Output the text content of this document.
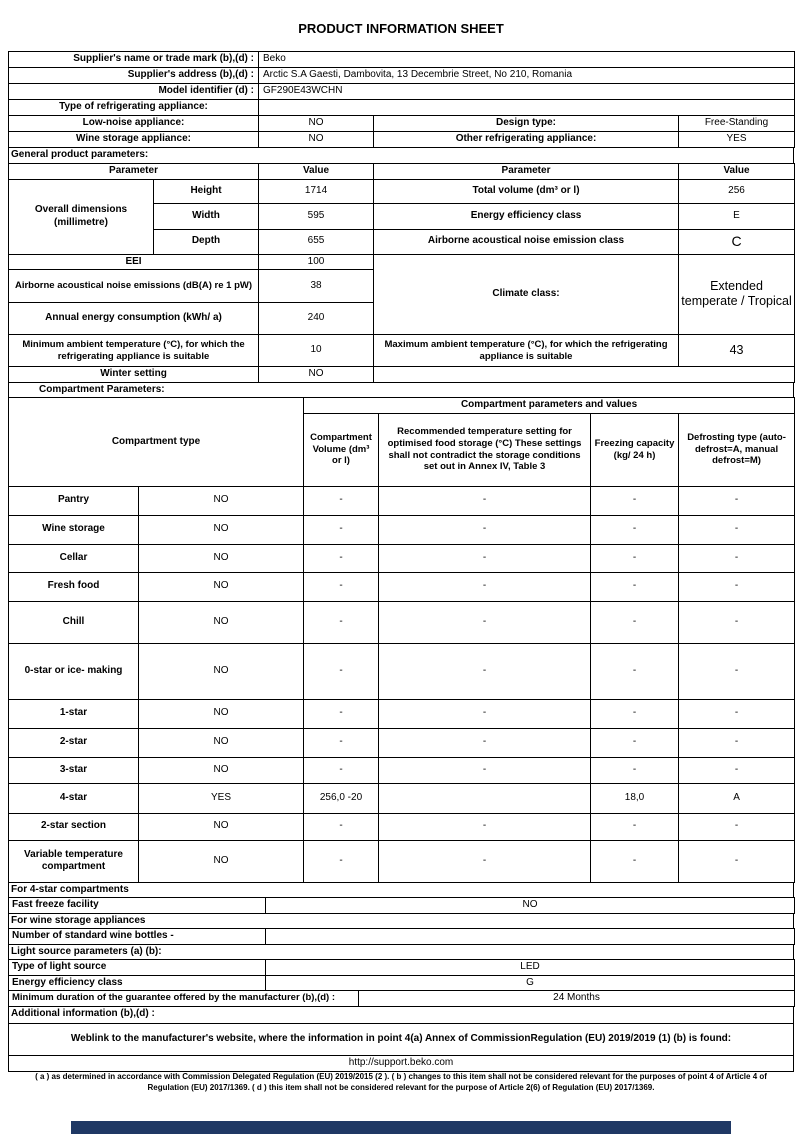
PRODUCT INFORMATION SHEET
Supplier's name or trade mark (b),(d) :	Beko
Supplier's address (b),(d) :	Arctic S.A Gaesti, Dambovita, 13 Decembrie Street, No 210, Romania
Model identifier (d) :	GF290E43WCHN
Type of refrigerating appliance:	
Low-noise appliance:	NO	Design type:	Free-Standing
Wine storage appliance:	NO	Other refrigerating appliance:	YES
General product parameters:
Parameter		Value	Parameter	Value
Overall dimensions (millimetre)	Height	1714	Total volume (dm³ or l)	256
	Width	595	Energy efficiency class	E
	Depth	655	Airborne acoustical noise emission class	C
EEI		100	Climate class:	Extended temperate / Tropical
Airborne acoustical noise emissions (dB(A) re 1 pW)		38		
Annual energy consumption (kWh/ a)		240		
Minimum ambient temperature (°C), for which the refrigerating appliance is suitable		10	Maximum ambient temperature (°C), for which the refrigerating appliance is suitable	43
Winter setting		NO		
Compartment Parameters:
Compartment type		Compartment parameters and values			
		Compartment Volume (dm³ or l)	Recommended temperature setting for optimised food storage (°C) These settings shall not contradict the storage conditions set out in Annex IV, Table 3	Freezing capacity (kg/ 24 h)	Defrosting type (auto-defrost=A, manual defrost=M)
Pantry	NO	-	-	-	-
Wine storage	NO	-	-	-	-
Cellar	NO	-	-	-	-
Fresh food	NO	-	-	-	-
Chill	NO	-	-	-	-
0-star or ice- making	NO	-	-	-	-
1-star	NO	-	-	-	-
2-star	NO	-	-	-	-
3-star	NO	-	-	-	-
4-star	YES	256,0 -20		18,0	A
2-star section	NO	-	-	-	-
Variable temperature compartment	NO	-	-	-	-
For 4-star compartments
Fast freeze facility	NO
For wine storage appliances
Number of standard wine bottles -	
Light source parameters (a) (b):
Type of light source	LED
Energy efficiency class	G
Minimum duration of the guarantee offered by the manufacturer (b),(d) :	24 Months
Additional information (b),(d) :
Weblink to the manufacturer's website, where the information in point 4(a) Annex of CommissionRegulation (EU) 2019/2019 (1) (b) is found:
http://support.beko.com
( a ) as determined in accordance with Commission Delegated Regulation (EU) 2019/2015 (2 ). ( b ) changes to this item shall not be considered relevant for the purposes of point 4 of Article 4 of Regulation (EU) 2017/1369. ( d ) this item shall not be considered relevant for the purpose of Article 2(6) of Regulation (EU) 2017/1369.
